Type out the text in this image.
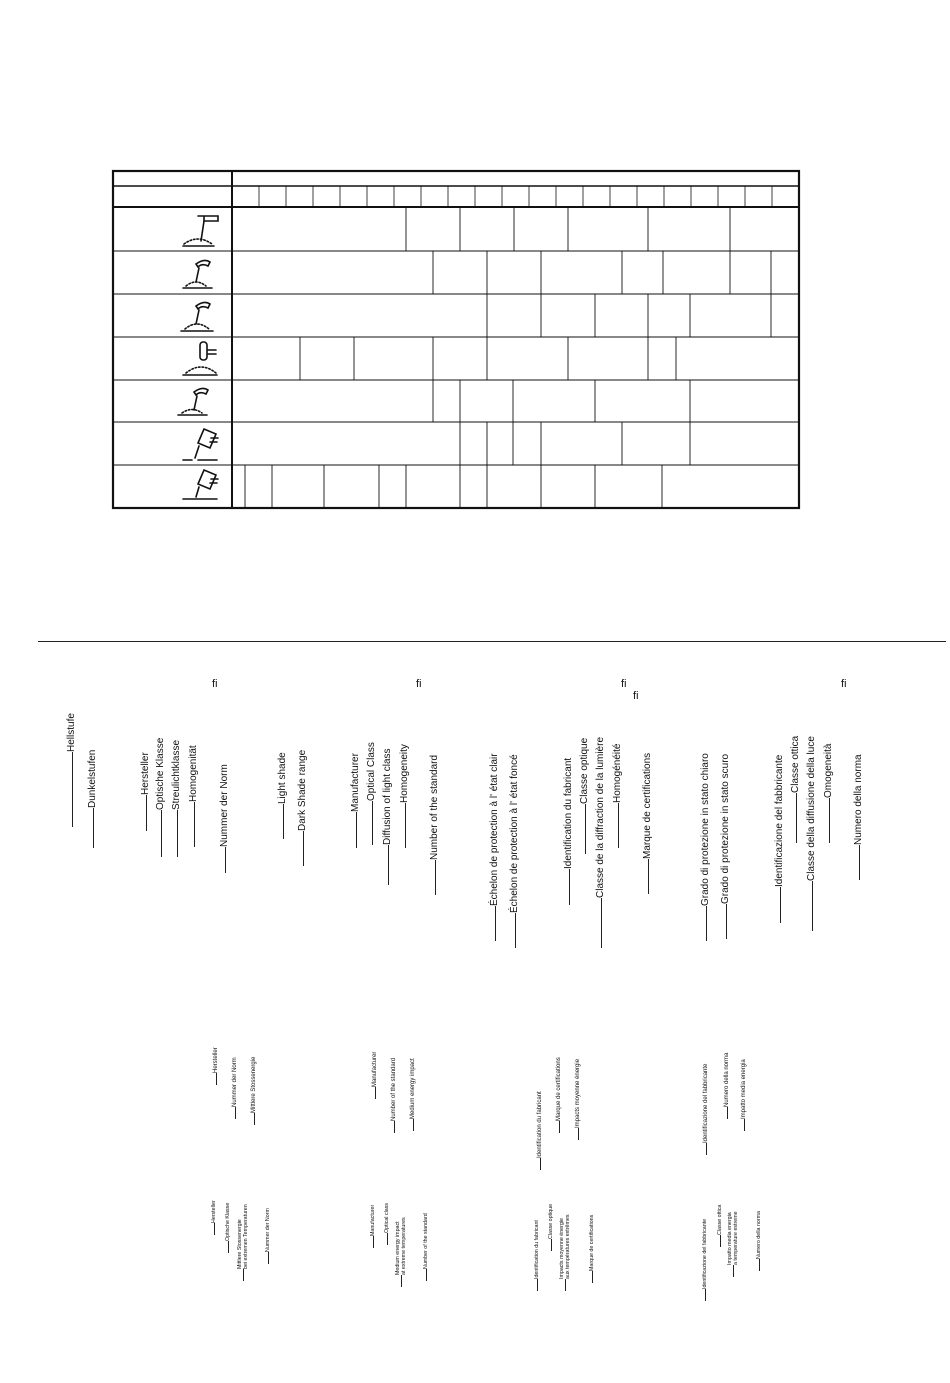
ﬁ	ﬁ	ﬁ
ﬁ
ﬁ
Hellstufe
Dunkelstufen	Hersteller Optische Klasse Streulichtklasse Homogenität Nummer der Norm	Light shade Dark Shade range	Manufacturer Optical Class Diffusion of light class Homogeneity Number of the standard	Échelon de protection à l' état clair Échelon de protection à l' état foncé	Identification du fabricant Classe optique Classe de la diffraction de la lumière Homogénéité Marque de certifications	Grado di protezione in stato chiaro Grado di protezione in stato scuro	Identificazione del fabbricante Classe ottica Classe della diffusione della luce Omogeneità Numero della norma
Hersteller Nummer der Norm Mittlere Stossenergie	Manufacturer Number of the standard Medium energy impact
Identification du fabricant
Marque de certifications Impacts moyenne énergie	Identificazione del fabbricante	Numero della norma Impatto media energia
Hersteller Optische Klasse Mittlere Stossenergie
bei extremen Temperaturen	Nummer der Norm	Manufacturer Optical class
Medium energy impact
at extreme temperatures	Number of the standard	Identification du fabricant Classe optique Impacts moyenne énergie
aux températures extrêmes	Marque de certifications	Identificazione del fabbricante Classe ottica Impatto media energia
a temperature estreme	Numero della norma
